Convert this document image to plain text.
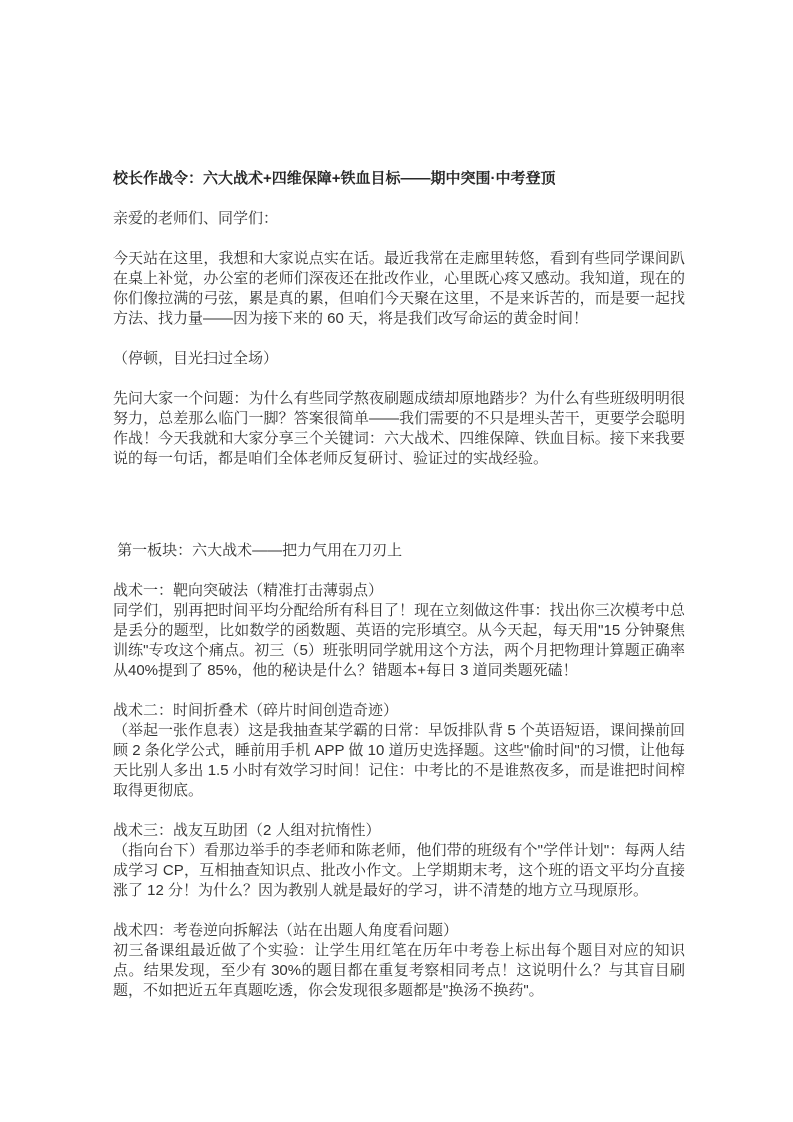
校长作战令：六大战术+四维保障+铁血目标——期中突围·中考登顶
亲爱的老师们、同学们：
今天站在这里，我想和大家说点实在话。最近我常在走廊里转悠，看到有些同学课间趴在桌上补觉，办公室的老师们深夜还在批改作业，心里既心疼又感动。我知道，现在的你们像拉满的弓弦，累是真的累，但咱们今天聚在这里，不是来诉苦的，而是要一起找方法、找力量——因为接下来的 60 天，将是我们改写命运的黄金时间！
（停顿，目光扫过全场）
先问大家一个问题：为什么有些同学熬夜刷题成绩却原地踏步？为什么有些班级明明很努力，总差那么临门一脚？答案很简单——我们需要的不只是埋头苦干，更要学会聪明作战！今天我就和大家分享三个关键词：六大战术、四维保障、铁血目标。接下来我要说的每一句话，都是咱们全体老师反复研讨、验证过的实战经验。
第一板块：六大战术——把力气用在刀刃上
战术一：靶向突破法（精准打击薄弱点）
同学们，别再把时间平均分配给所有科目了！现在立刻做这件事：找出你三次模考中总是丢分的题型，比如数学的函数题、英语的完形填空。从今天起，每天用"15 分钟聚焦训练"专攻这个痛点。初三（5）班张明同学就用这个方法，两个月把物理计算题正确率从40%提到了 85%，他的秘诀是什么？错题本+每日 3 道同类题死磕！
战术二：时间折叠术（碎片时间创造奇迹）
（举起一张作息表）这是我抽查某学霸的日常：早饭排队背 5 个英语短语，课间操前回顾 2 条化学公式，睡前用手机 APP 做 10 道历史选择题。这些"偷时间"的习惯，让他每天比别人多出 1.5 小时有效学习时间！记住：中考比的不是谁熬夜多，而是谁把时间榨取得更彻底。
战术三：战友互助团（2 人组对抗惰性）
（指向台下）看那边举手的李老师和陈老师，他们带的班级有个"学伴计划"：每两人结成学习 CP，互相抽查知识点、批改小作文。上学期期末考，这个班的语文平均分直接涨了 12 分！为什么？因为教别人就是最好的学习，讲不清楚的地方立马现原形。
战术四：考卷逆向拆解法（站在出题人角度看问题）
初三备课组最近做了个实验：让学生用红笔在历年中考卷上标出每个题目对应的知识点。结果发现，至少有 30%的题目都在重复考察相同考点！这说明什么？与其盲目刷题，不如把近五年真题吃透，你会发现很多题都是"换汤不换药"。
